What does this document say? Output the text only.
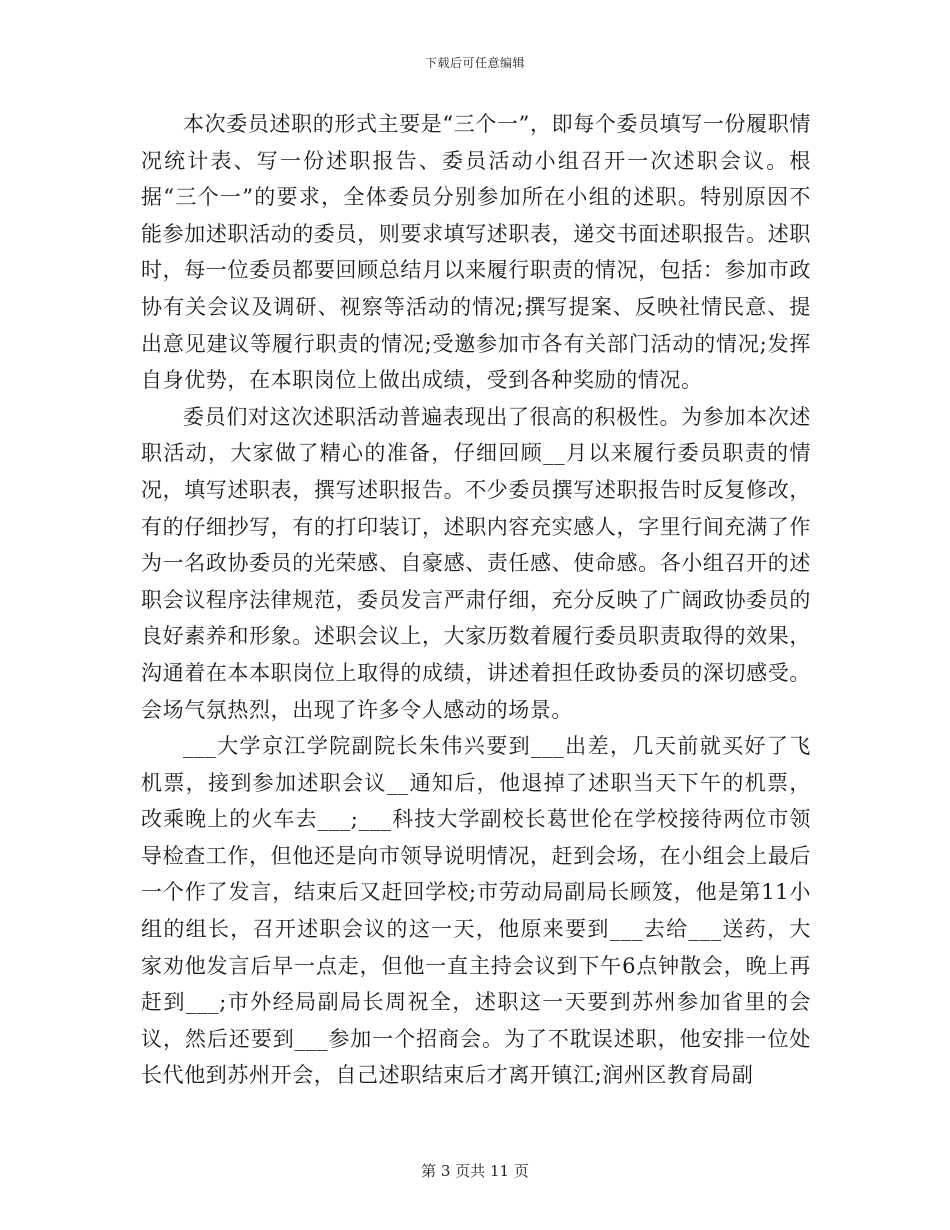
下载后可任意编辑

本次委员述职的形式主要是“三个一”，即每个委员填写一份履职情况统计表、写一份述职报告、委员活动小组召开一次述职会议。根据“三个一”的要求，全体委员分别参加所在小组的述职。特别原因不能参加述职活动的委员，则要求填写述职表，递交书面述职报告。述职时，每一位委员都要回顾总结月以来履行职责的情况，包括：参加市政协有关会议及调研、视察等活动的情况;撰写提案、反映社情民意、提出意见建议等履行职责的情况;受邀参加市各有关部门活动的情况;发挥自身优势，在本职岗位上做出成绩，受到各种奖励的情况。

委员们对这次述职活动普遍表现出了很高的积极性。为参加本次述职活动，大家做了精心的准备，仔细回顾__月以来履行委员职责的情况，填写述职表，撰写述职报告。不少委员撰写述职报告时反复修改，有的仔细抄写，有的打印装订，述职内容充实感人，字里行间充满了作为一名政协委员的光荣感、自豪感、责任感、使命感。各小组召开的述职会议程序法律规范，委员发言严肃仔细，充分反映了广阔政协委员的良好素养和形象。述职会议上，大家历数着履行委员职责取得的效果，沟通着在本本职岗位上取得的成绩，讲述着担任政协委员的深切感受。会场气氛热烈，出现了许多令人感动的场景。

___大学京江学院副院长朱伟兴要到___出差，几天前就买好了飞机票，接到参加述职会议__通知后，他退掉了述职当天下午的机票，改乘晚上的火车去___;___科技大学副校长葛世伦在学校接待两位市领导检查工作，但他还是向市领导说明情况，赶到会场，在小组会上最后一个作了发言，结束后又赶回学校;市劳动局副局长顾笈，他是第11小组的组长，召开述职会议的这一天，他原来要到___去给___送药，大家劝他发言后早一点走，但他一直主持会议到下午6点钟散会，晚上再赶到___;市外经局副局长周祝全，述职这一天要到苏州参加省里的会议，然后还要到___参加一个招商会。为了不耽误述职，他安排一位处长代他到苏州开会，自己述职结束后才离开镇江;润州区教育局副

第 3 页共 11 页
